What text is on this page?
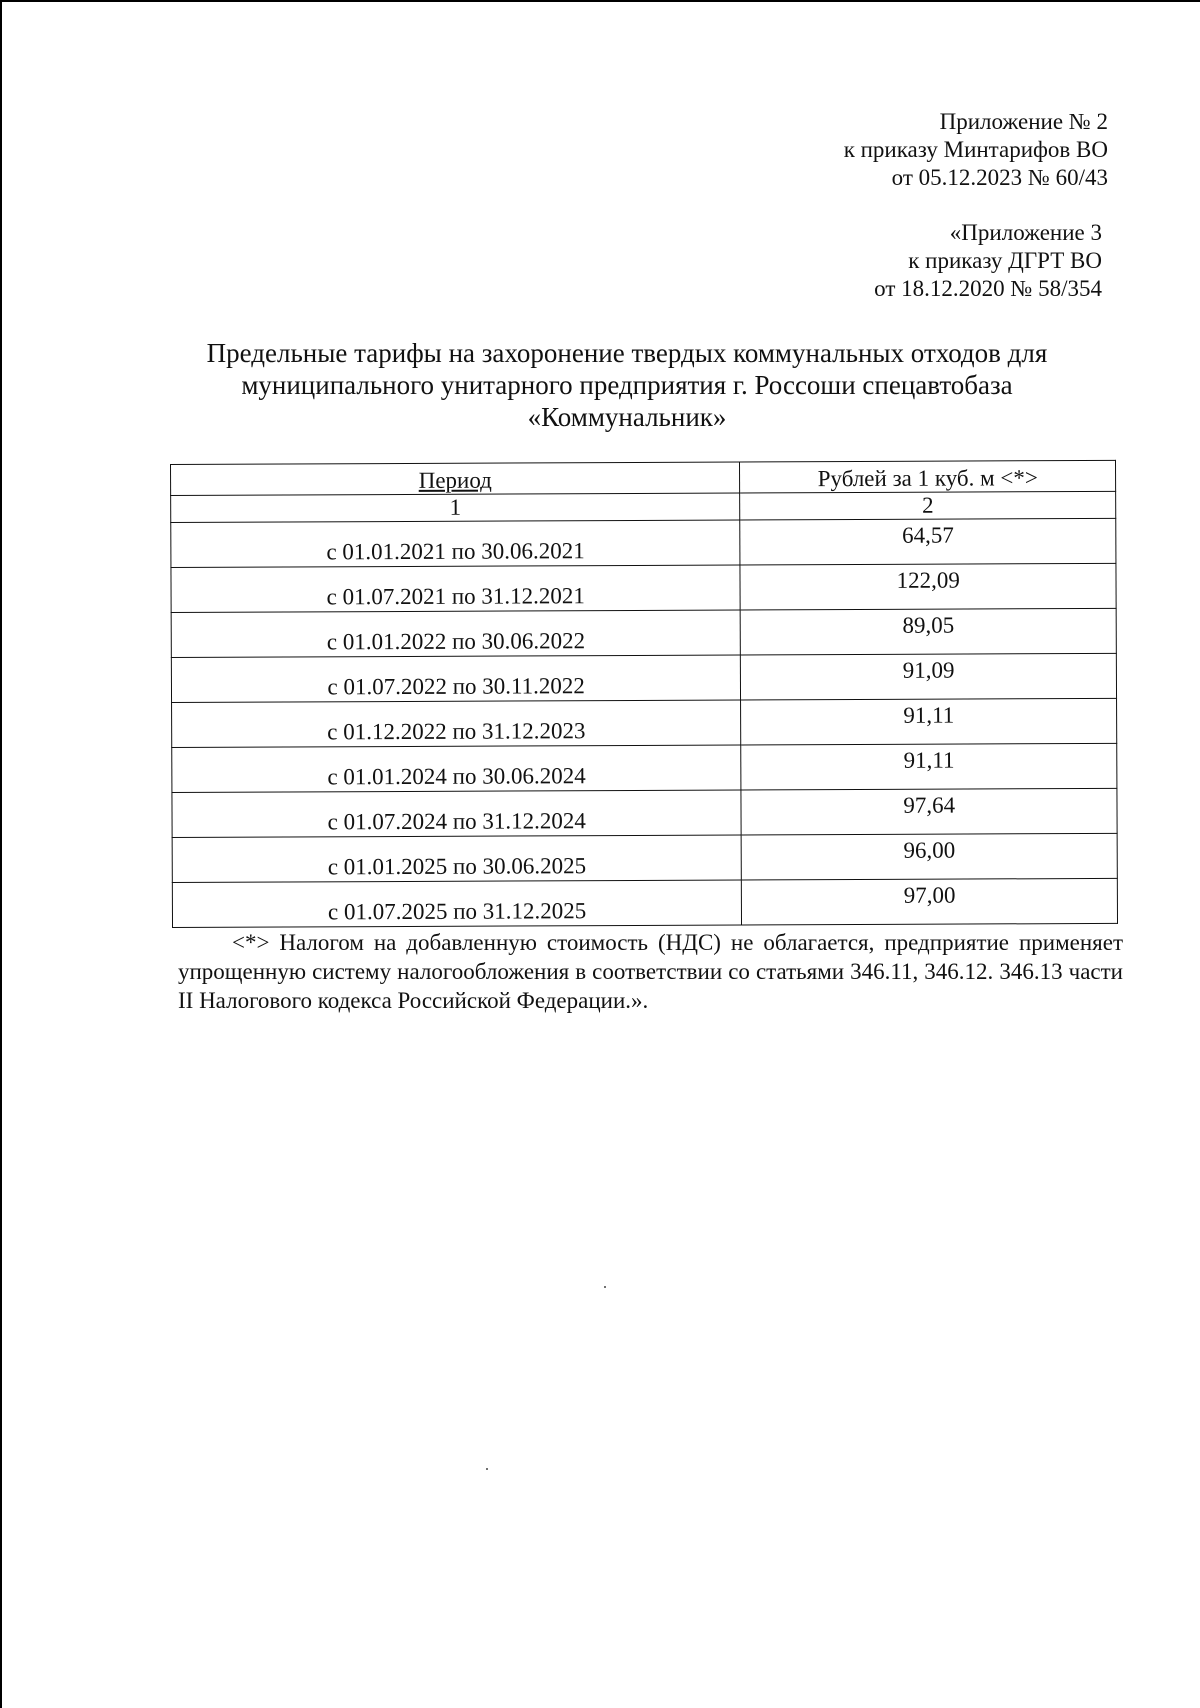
Приложение № 2
к приказу Минтарифов ВО
от 05.12.2023 № 60/43
«Приложение 3
к приказу ДГРТ ВО
от 18.12.2020 № 58/354
Предельные тарифы на захоронение твердых коммунальных отходов для
муниципального унитарного предприятия г. Россоши спецавтобаза
«Коммунальник»
Период	Рублей за 1 куб. м <*>
1	2
с 01.01.2021 по 30.06.2021	64,57
с 01.07.2021 по 31.12.2021	122,09
с 01.01.2022 по 30.06.2022	89,05
с 01.07.2022 по 30.11.2022	91,09
с 01.12.2022 по 31.12.2023	91,11
с 01.01.2024 по 30.06.2024	91,11
с 01.07.2024 по 31.12.2024	97,64
с 01.01.2025 по 30.06.2025	96,00
с 01.07.2025 по 31.12.2025	97,00
<*> Налогом на добавленную стоимость (НДС) не облагается, предприятие применяет упрощенную систему налогообложения в соответствии со статьями 346.11, 346.12. 346.13 части II Налогового кодекса Российской Федерации.».
